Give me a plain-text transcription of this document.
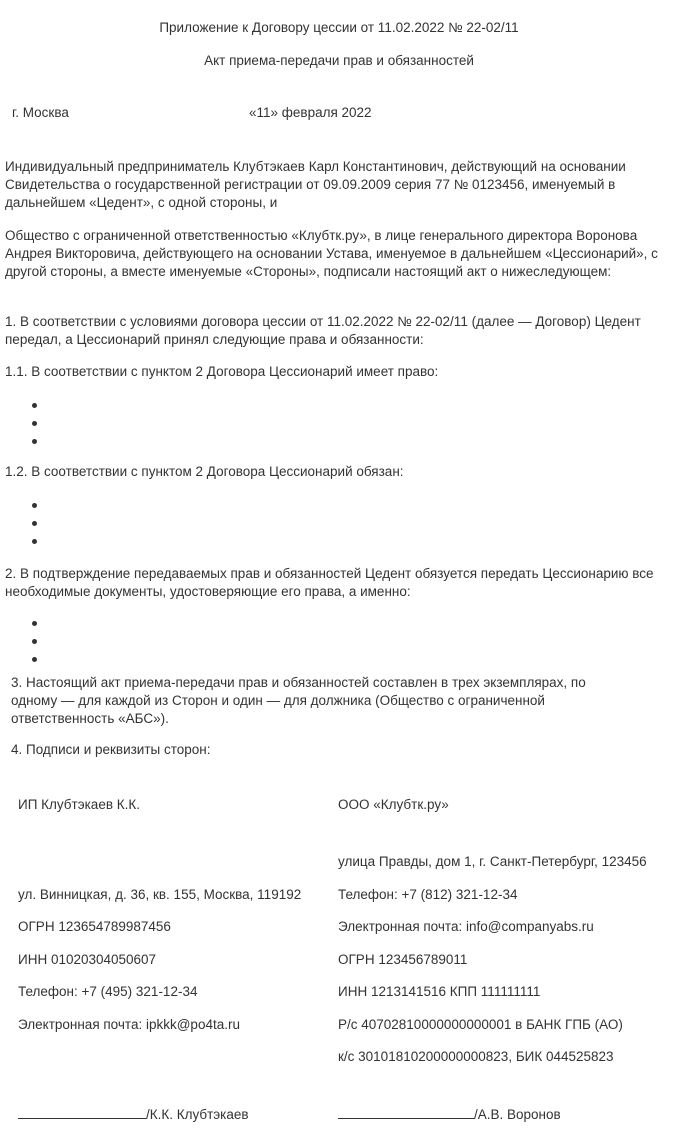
Приложение к Договору цессии от 11.02.2022 № 22-02/11

Акт приема-передачи прав и обязанностей

г. Москва	«11» февраля 2022

Индивидуальный предприниматель Клубтэкаев Карл Константинович, действующий на основании Свидетельства о государственной регистрации от 09.09.2009 серия 77 № 0123456, именуемый в дальнейшем «Цедент», с одной стороны, и

Общество с ограниченной ответственностью «Клубтк.ру», в лице генерального директора Воронова Андрея Викторовича, действующего на основании Устава, именуемое в дальнейшем «Цессионарий», с другой стороны, а вместе именуемые «Стороны», подписали настоящий акт о нижеследующем:

1. В соответствии с условиями договора цессии от 11.02.2022 № 22-02/11 (далее — Договор) Цедент передал, а Цессионарий принял следующие права и обязанности:

1.1. В соответствии с пунктом 2 Договора Цессионарий имеет право:

1.2. В соответствии с пунктом 2 Договора Цессионарий обязан:

2. В подтверждение передаваемых прав и обязанностей Цедент обязуется передать Цессионарию все необходимые документы, удостоверяющие его права, а именно:

3. Настоящий акт приема-передачи прав и обязанностей составлен в трех экземплярах, по одному — для каждой из Сторон и один — для должника (Общество с ограниченной ответственность «АБС»).

4. Подписи и реквизиты сторон:

ИП Клубтэкаев К.К.

ул. Винницкая, д. 36, кв. 155, Москва, 119192

ОГРН 123654789987456

ИНН 01020304050607

Телефон: +7 (495) 321-12-34

Электронная почта: ipkkk@po4ta.ru

ООО «Клубтк.ру»

улица Правды, дом 1, г. Санкт-Петербург, 123456

Телефон: +7 (812) 321-12-34

Электронная почта: info@companyabs.ru

ОГРН 123456789011

ИНН 1213141516 КПП 111111111

Р/с 40702810000000000001 в БАНК ГПБ (АО)

к/с 30101810200000000823, БИК 044525823

/К.К. Клубтэкаев	/А.В. Воронов
